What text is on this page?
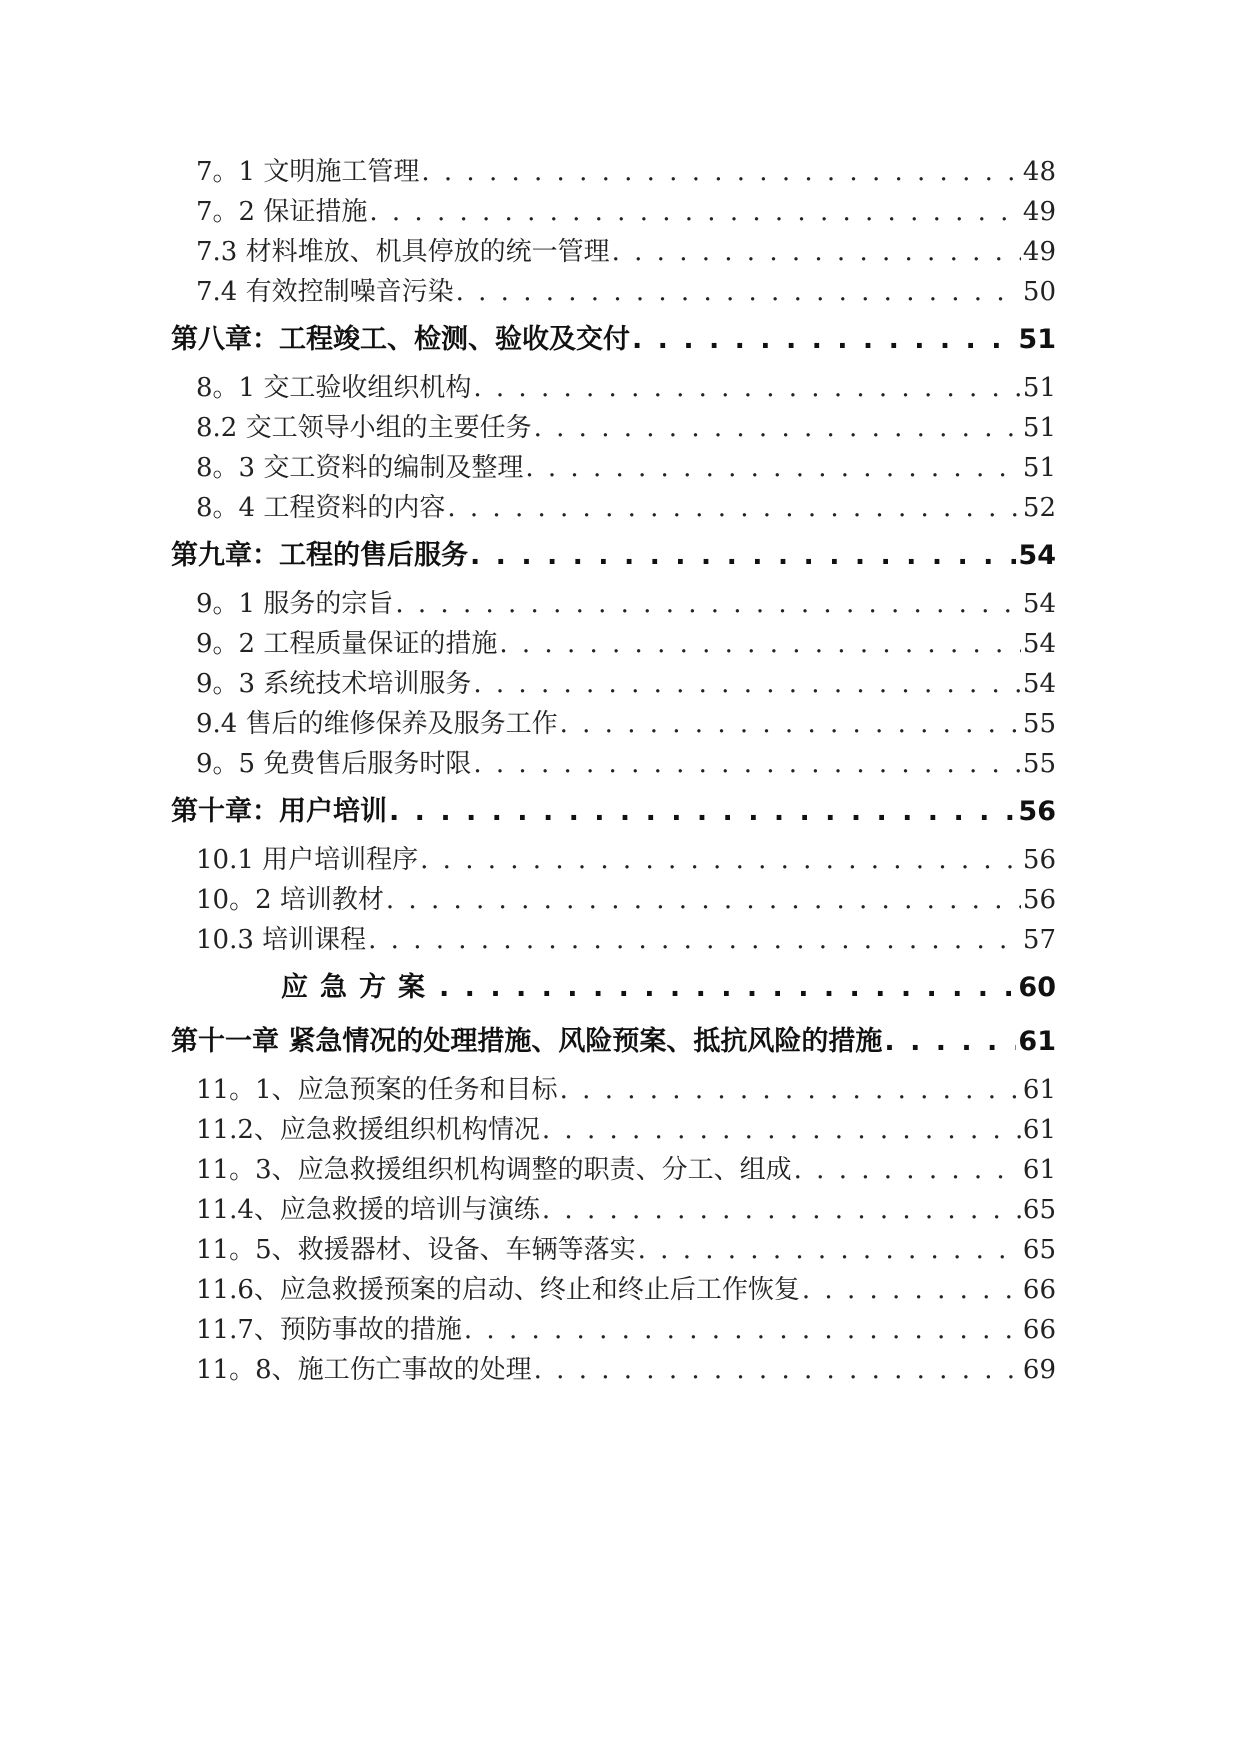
7。1 文明施工管理 . . .	48
7。2 保证措施 . . .	49
7.3 材料堆放、机具停放的统一管理 . . .	49
7.4 有效控制噪音污染 . . .	50
第八章：工程竣工、检测、验收及交付 . . .	51
8。1 交工验收组织机构 . . .	51
8.2 交工领导小组的主要任务 . . .	51
8。3 交工资料的编制及整理 . . .	51
8。4 工程资料的内容 . . .	52
第九章：工程的售后服务 . . .	54
9。1 服务的宗旨 . . .	54
9。2 工程质量保证的措施 . . .	54
9。3 系统技术培训服务 . . .	54
9.4 售后的维修保养及服务工作 . . .	55
9。5 免费售后服务时限 . . .	55
第十章：用户培训 . . .	56
10.1 用户培训程序 . . .	56
10。2 培训教材 . . .	56
10.3 培训课程 . . .	57
应急方案 . . .	60
第十一章 紧急情况的处理措施、风险预案、抵抗风险的措施 . . .	61
11。1、应急预案的任务和目标 . . .	61
11.2、应急救援组织机构情况 . . .	61
11。3、应急救援组织机构调整的职责、分工、组成 . . .	61
11.4、应急救援的培训与演练 . . .	65
11。5、救援器材、设备、车辆等落实 . . .	65
11.6、应急救援预案的启动、终止和终止后工作恢复 . . .	66
11.7、预防事故的措施 . . .	66
11。8、施工伤亡事故的处理 . . .	69
